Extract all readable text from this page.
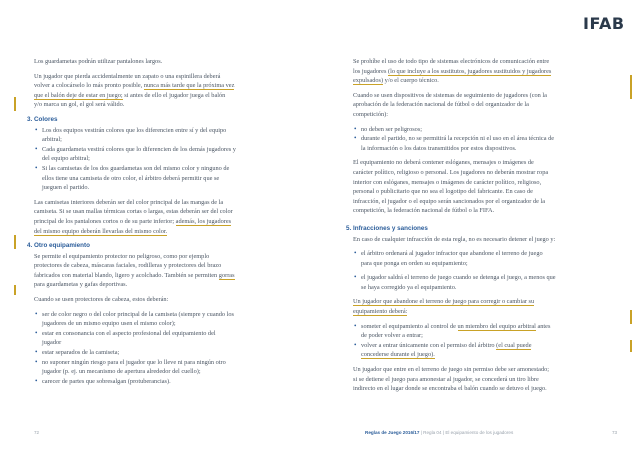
IFAB
Los guardametas podrán utilizar pantalones largos.
Un jugador que pierda accidentalmente un zapato o una espinillera deberá
volver a colocárselo lo más pronto posible, nunca más tarde que la próxima vez
que el balón deje de estar en juego; si antes de ello el jugador juega el balón
y/o marca un gol, el gol será válido.
3. Colores
• Los dos equipos vestirán colores que los diferencien entre sí y del equipo
arbitral;
• Cada guardameta vestirá colores que lo diferencien de los demás jugadores y
del equipo arbitral;
• Si las camisetas de los dos guardametas son del mismo color y ninguno de
ellos tiene una camiseta de otro color, el árbitro deberá permitir que se
jueguen el partido.
Las camisetas interiores deberán ser del color principal de las mangas de la
camiseta. Si se usan mallas térmicas cortas o largas, estas deberán ser del color
principal de los pantalones cortos o de su parte inferior; además, los jugadores
del mismo equipo deberán llevarlas del mismo color.
4. Otro equipamiento
Se permite el equipamiento protector no peligroso, como por ejemplo
protectores de cabeza, máscaras faciales, rodilleras y protectores del brazo
fabricados con material blando, ligero y acolchado. También se permiten gorras
para guardametas y gafas deportivas.
Cuando se usen protectores de cabeza, estos deberán:
• ser de color negro o del color principal de la camiseta (siempre y cuando los
jugadores de un mismo equipo usen el mismo color);
• estar en consonancia con el aspecto profesional del equipamiento del
jugador
• estar separados de la camiseta;
• no suponer ningún riesgo para el jugador que lo lleve ni para ningún otro
jugador (p. ej. un mecanismo de apertura alrededor del cuello);
• carecer de partes que sobresalgan (protuberancias).
Se prohíbe el uso de todo tipo de sistemas electrónicos de comunicación entre
los jugadores (lo que incluye a los sustitutos, jugadores sustituidos y jugadores
expulsados) y/o el cuerpo técnico.
Cuando se usen dispositivos de sistemas de seguimiento de jugadores (con la
aprobación de la federación nacional de fútbol o del organizador de la
competición):
• no deben ser peligrosos;
• durante el partido, no se permitirá la recepción ni el uso en el área técnica de
la información o los datos transmitidos por estos dispositivos.
El equipamiento no deberá contener eslóganes, mensajes o imágenes de
carácter político, religioso o personal. Los jugadores no deberán mostrar ropa
interior con eslóganes, mensajes o imágenes de carácter político, religioso,
personal o publicitario que no sea el logotipo del fabricante. En caso de
infracción, el jugador o el equipo serán sancionados por el organizador de la
competición, la federación nacional de fútbol o la FIFA.
5. Infracciones y sanciones
En caso de cualquier infracción de esta regla, no es necesario detener el juego y:
• el árbitro ordenará al jugador infractor que abandone el terreno de juego
para que ponga en orden su equipamiento;
• el jugador saldrá el terreno de juego cuando se detenga el juego, a menos que
se haya corregido ya el equipamiento.
Un jugador que abandone el terreno de juego para corregir o cambiar su
equipamiento deberá:
• someter el equipamiento al control de un miembro del equipo arbitral antes
de poder volver a entrar;
• volver a entrar únicamente con el permiso del árbitro (el cual puede
concederse durante el juego).
Un jugador que entre en el terreno de juego sin permiso debe ser amonestado;
si se detiene el juego para amonestar al jugador, se concederá un tiro libre
indirecto en el lugar donde se encontraba el balón cuando se detuvo el juego.
72	Reglas de Juego 2016/17 | Regla 04 | El equipamiento de los jugadores	73
